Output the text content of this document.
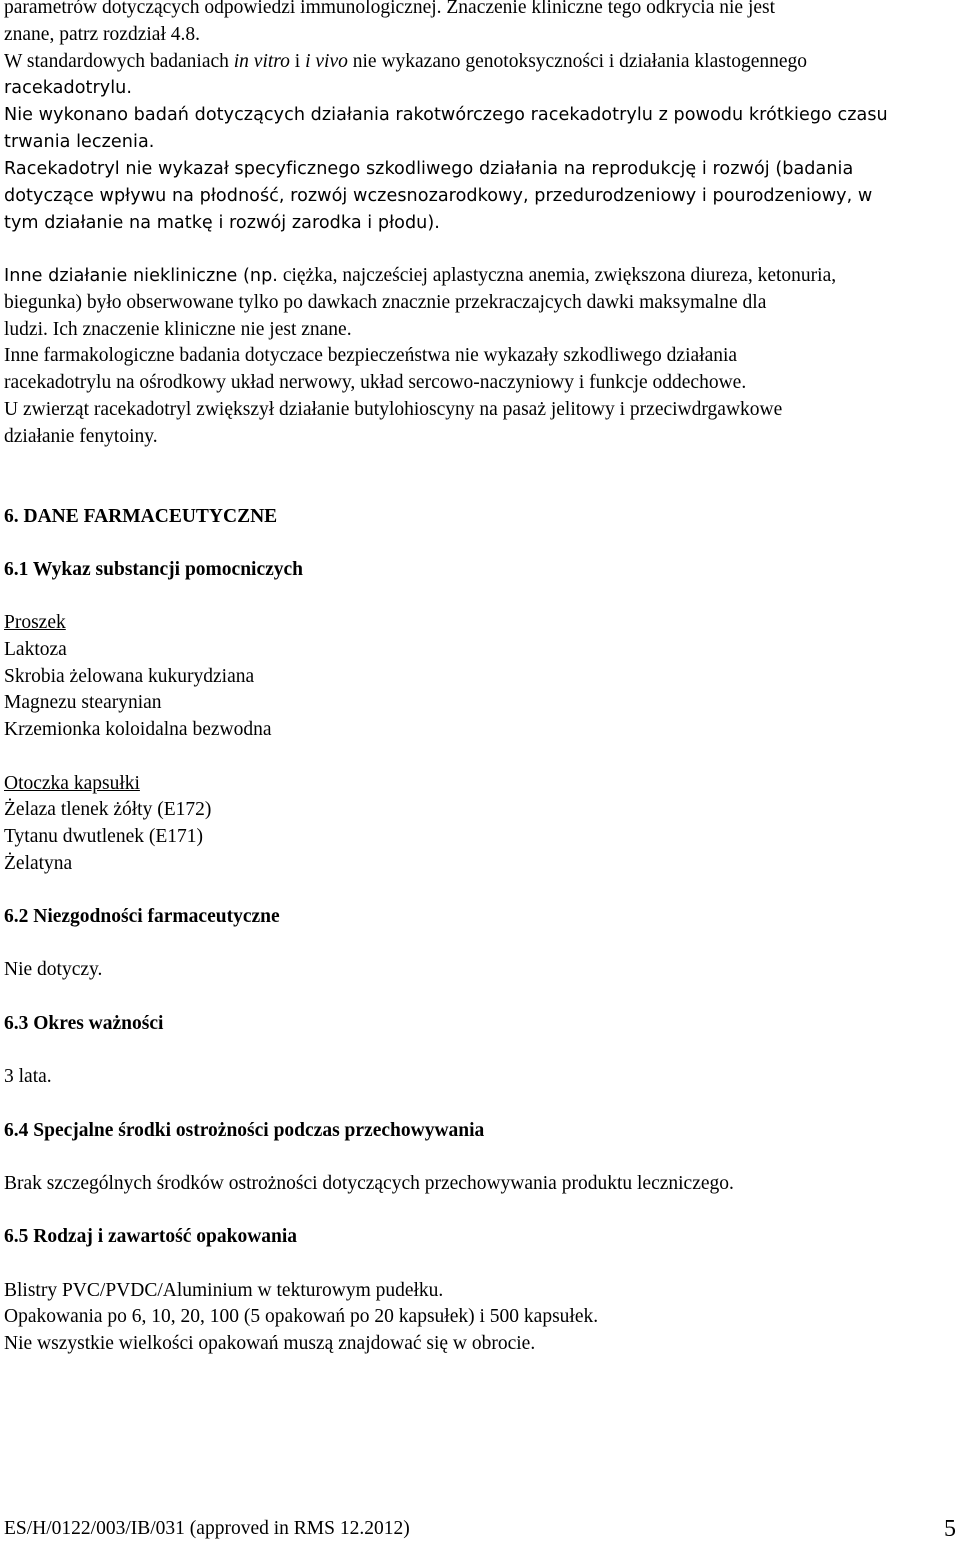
parametrów dotyczących odpowiedzi immunologicznej. Znaczenie kliniczne tego odkrycia nie jest
znane, patrz rozdział 4.8.
W standardowych badaniach in vitro i i vivo nie wykazano genotoksyczności i działania klastogennego
racekadotrylu.
Nie wykonano badań dotyczących działania rakotwórczego racekadotrylu z powodu krótkiego czasu
trwania leczenia.
Racekadotryl nie wykazał specyficznego szkodliwego działania na reprodukcję i rozwój (badania
dotyczące wpływu na płodność, rozwój wczesnozarodkowy, przedurodzeniowy i pourodzeniowy, w
tym działanie na matkę i rozwój zarodka i płodu).
Inne działanie niekliniczne (np. ciężka, najcześciej aplastyczna anemia, zwiększona diureza, ketonuria,
biegunka) było obserwowane tylko po dawkach znacznie przekraczajcych dawki maksymalne dla
ludzi. Ich znaczenie kliniczne nie jest znane.
Inne farmakologiczne badania dotyczace bezpieczeństwa nie wykazały szkodliwego działania
racekadotrylu na ośrodkowy układ nerwowy, układ sercowo-naczyniowy i funkcje oddechowe.
U zwierząt racekadotryl zwiększył działanie butylohioscyny na pasaż jelitowy i przeciwdrgawkowe
działanie fenytoiny.
6. DANE FARMACEUTYCZNE
6.1 Wykaz substancji pomocniczych
Proszek
Laktoza
Skrobia żelowana kukurydziana
Magnezu stearynian
Krzemionka koloidalna bezwodna
Otoczka kapsułki
Żelaza tlenek żółty (E172)
Tytanu dwutlenek (E171)
Żelatyna
6.2 Niezgodności farmaceutyczne
Nie dotyczy.
6.3 Okres ważności
3 lata.
6.4 Specjalne środki ostrożności podczas przechowywania
Brak szczególnych środków ostrożności dotyczących przechowywania produktu leczniczego.
6.5 Rodzaj i zawartość opakowania
Blistry PVC/PVDC/Aluminium w tekturowym pudełku.
Opakowania po 6, 10, 20, 100 (5 opakowań po 20 kapsułek) i 500 kapsułek.
Nie wszystkie wielkości opakowań muszą znajdować się w obrocie.
ES/H/0122/003/IB/031 (approved in RMS 12.2012)	5
